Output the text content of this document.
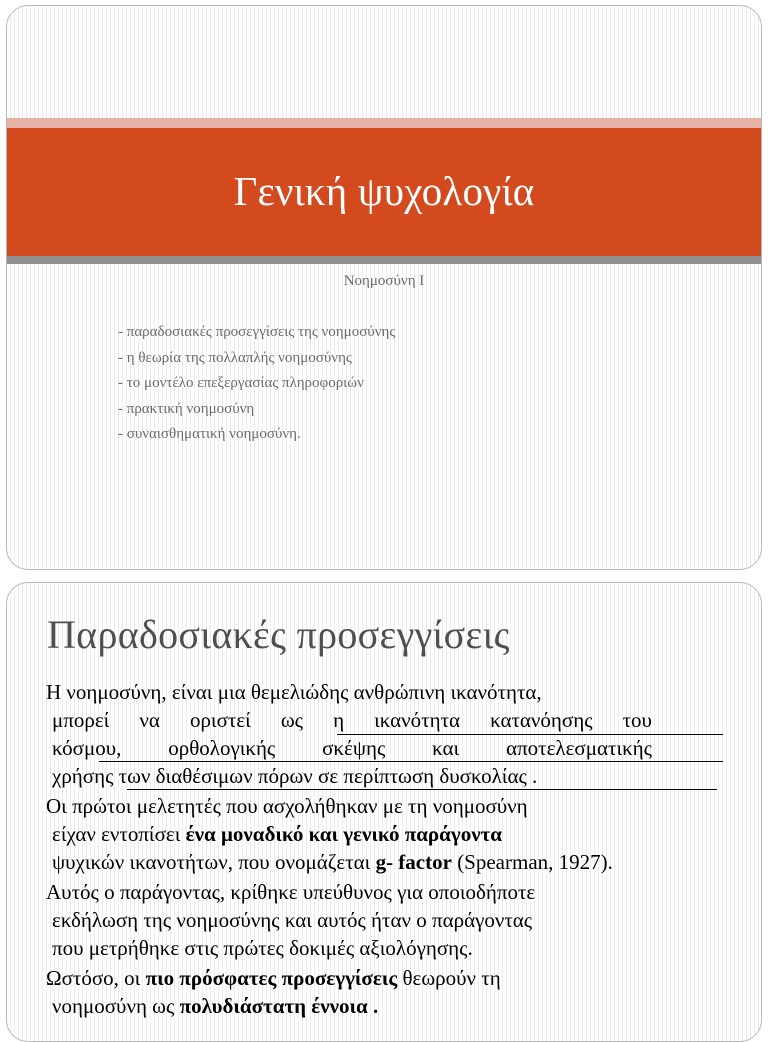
Γενική ψυχολογία
Νοημοσύνη Ι
- παραδοσιακές προσεγγίσεις της νοημοσύνης
- η θεωρία της πολλαπλής νοημοσύνης
- το μοντέλο επεξεργασίας πληροφοριών
- πρακτική νοημοσύνη
- συναισθηματική νοημοσύνη.
Παραδοσιακές προσεγγίσεις
Η νοημοσύνη, είναι μια θεμελιώδης ανθρώπινη ικανότητα,
μπορεί να οριστεί ως η ικανότητα κατανόησης του
κόσμου, ορθολογικής σκέψης και αποτελεσματικής
χρήσης των διαθέσιμων πόρων σε περίπτωση δυσκολίας .
Οι πρώτοι μελετητές που ασχολήθηκαν με τη νοημοσύνη
είχαν εντοπίσει ένα μοναδικό και γενικό παράγοντα
ψυχικών ικανοτήτων, που ονομάζεται g- factor (Spearman, 1927).
Αυτός ο παράγοντας, κρίθηκε υπεύθυνος για οποιοδήποτε
εκδήλωση της νοημοσύνης και αυτός ήταν ο παράγοντας
που μετρήθηκε στις πρώτες δοκιμές αξιολόγησης.
Ωστόσο, οι πιο πρόσφατες προσεγγίσεις θεωρούν τη
νοημοσύνη ως πολυδιάστατη έννοια .
